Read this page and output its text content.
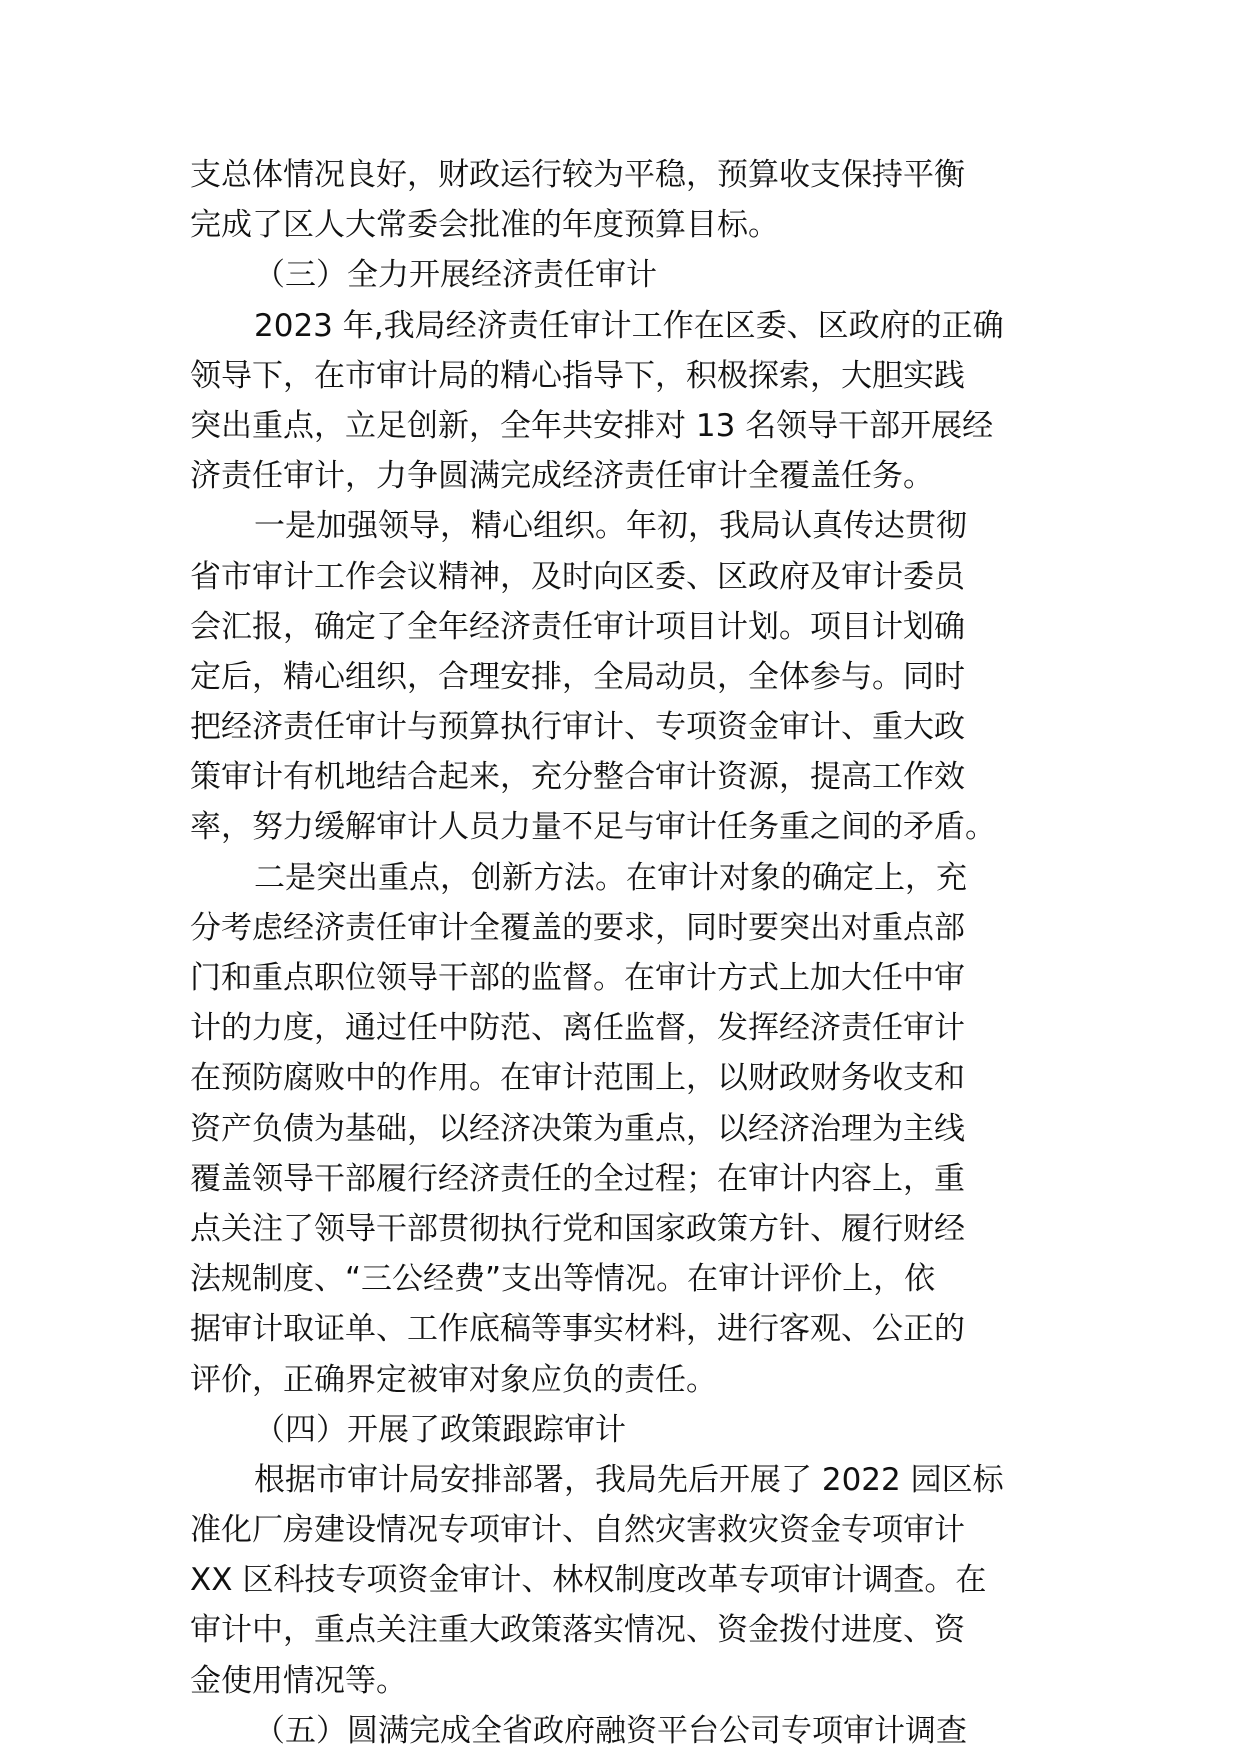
支总体情况良好，财政运行较为平稳，预算收支保持平衡
完成了区人大常委会批准的年度预算目标。
（三）全力开展经济责任审计
2023 年,我局经济责任审计工作在区委、区政府的正确
领导下，在市审计局的精心指导下，积极探索，大胆实践
突出重点，立足创新，全年共安排对 13 名领导干部开展经
济责任审计，力争圆满完成经济责任审计全覆盖任务。
一是加强领导，精心组织。年初，我局认真传达贯彻
省市审计工作会议精神，及时向区委、区政府及审计委员
会汇报，确定了全年经济责任审计项目计划。项目计划确
定后，精心组织，合理安排，全局动员，全体参与。同时
把经济责任审计与预算执行审计、专项资金审计、重大政
策审计有机地结合起来，充分整合审计资源，提高工作效
率，努力缓解审计人员力量不足与审计任务重之间的矛盾。
二是突出重点，创新方法。在审计对象的确定上，充
分考虑经济责任审计全覆盖的要求，同时要突出对重点部
门和重点职位领导干部的监督。在审计方式上加大任中审
计的力度，通过任中防范、离任监督，发挥经济责任审计
在预防腐败中的作用。在审计范围上，以财政财务收支和
资产负债为基础，以经济决策为重点，以经济治理为主线
覆盖领导干部履行经济责任的全过程；在审计内容上，重
点关注了领导干部贯彻执行党和国家政策方针、履行财经
法规制度、“三公经费”支出等情况。在审计评价上，依
据审计取证单、工作底稿等事实材料，进行客观、公正的
评价，正确界定被审对象应负的责任。
（四）开展了政策跟踪审计
根据市审计局安排部署，我局先后开展了 2022 园区标
准化厂房建设情况专项审计、自然灾害救灾资金专项审计
XX 区科技专项资金审计、林权制度改革专项审计调查。在
审计中，重点关注重大政策落实情况、资金拨付进度、资
金使用情况等。
（五）圆满完成全省政府融资平台公司专项审计调查
